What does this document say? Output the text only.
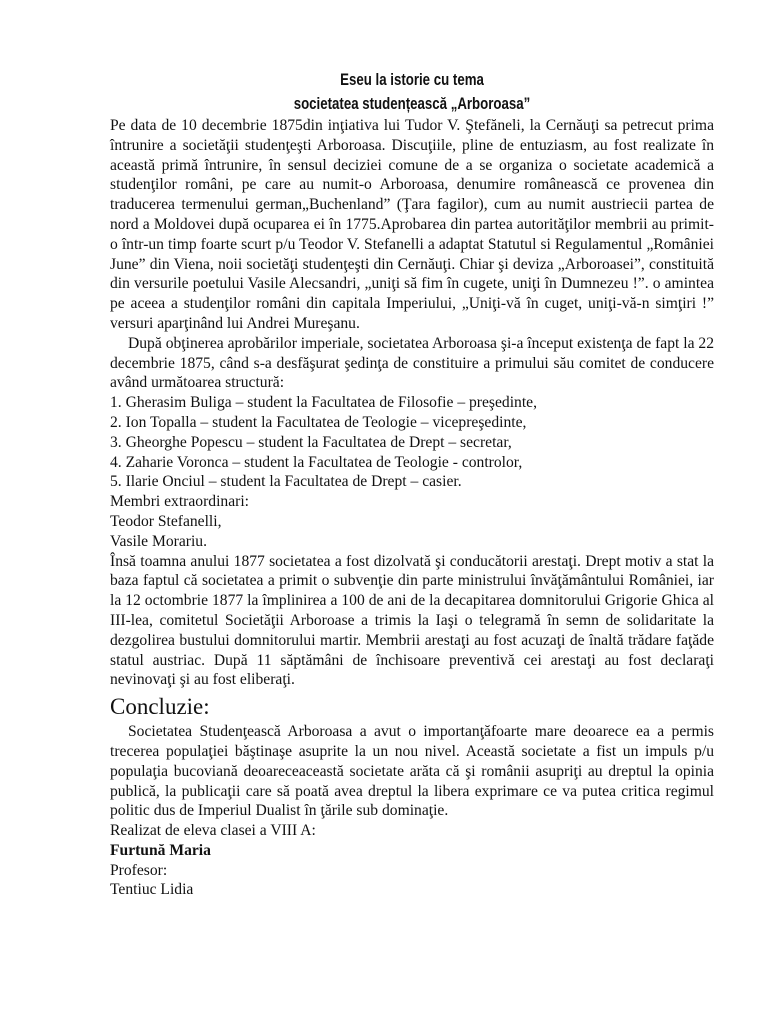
Eseu la istorie cu tema
societatea studențească „Arboroasa”

Pe data de 10 decembrie 1875din inţiativa lui Tudor V. Ştefăneli, la Cernăuţi sa petrecut prima întrunire a societăţii studenţeşti Arboroasa. Discuţiile, pline de entuziasm, au fost realizate în această primă întrunire, în sensul deciziei comune de a se organiza o societate academică a studenţilor români, pe care au numit-o Arboroasa, denumire românească ce provenea din traducerea termenului german„Buchenland” (Ţara fagilor), cum au numit austriecii partea de nord a Moldovei după ocuparea ei în 1775.Aprobarea din partea autorităţilor membrii au primit-o într-un timp foarte scurt p/u Teodor V. Stefanelli a adaptat Statutul si Regulamentul „Romȃniei June” din Viena, noii societăţi studenţeşti din Cernăuţi. Chiar şi deviza „Arboroasei”, constituită din versurile poetului Vasile Alecsandri, „uniţi să fim în cugete, uniţi în Dumnezeu !”. o amintea pe aceea a studenţilor români din capitala Imperiului, „Uniţi-vă în cuget, uniţi-vă-n simţiri !” versuri aparţinând lui Andrei Mureşanu.

După obţinerea aprobărilor imperiale, societatea Arboroasa şi-a început existenţa de fapt la 22 decembrie 1875, când s-a desfăşurat şedinţa de constituire a primului său comitet de conducere având următoarea structură:

1. Gherasim Buliga – student la Facultatea de Filosofie – preşedinte,
2. Ion Topalla – student la Facultatea de Teologie – vicepreşedinte,
3. Gheorghe Popescu – student la Facultatea de Drept – secretar,
4. Zaharie Voronca – student la Facultatea de Teologie - controlor,
5. Ilarie Onciul – student la Facultatea de Drept – casier.
Membri extraordinari:
Teodor Stefanelli,
Vasile Morariu.

Însă toamna anului 1877 societatea a fost dizolvată şi conducătorii arestaţi. Drept motiv a stat la baza faptul că societatea a primit o subvenţie din parte ministrului învăţământului României, iar la 12 octombrie 1877 la împlinirea a 100 de ani de la decapitarea domnitorului Grigorie Ghica al III-lea, comitetul Societăţii Arboroase a trimis la Iaşi o telegramă în semn de solidaritate la dezgolirea bustului domnitorului martir. Membrii arestaţi au fost acuzaţi de înaltă trădare faţăde statul austriac. După 11 săptămâni de închisoare preventivă cei arestaţi au fost declaraţi nevinovaţi şi au fost eliberaţi.

Concluzie:

Societatea Studenţească Arboroasa a avut o importanţăfoarte mare deoarece ea a permis trecerea populaţiei băştinaşe asuprite la un nou nivel. Această societate a fist un impuls p/u populaţia bucoviană deoareceaceastă societate arăta că şi românii asupriţi au dreptul la opinia publică, la publicaţii care să poată avea dreptul la libera exprimare ce va putea critica regimul politic dus de Imperiul Dualist în ţările sub dominaţie.

Realizat de eleva clasei a VIII A:
Furtună Maria
Profesor:
Tentiuc Lidia
